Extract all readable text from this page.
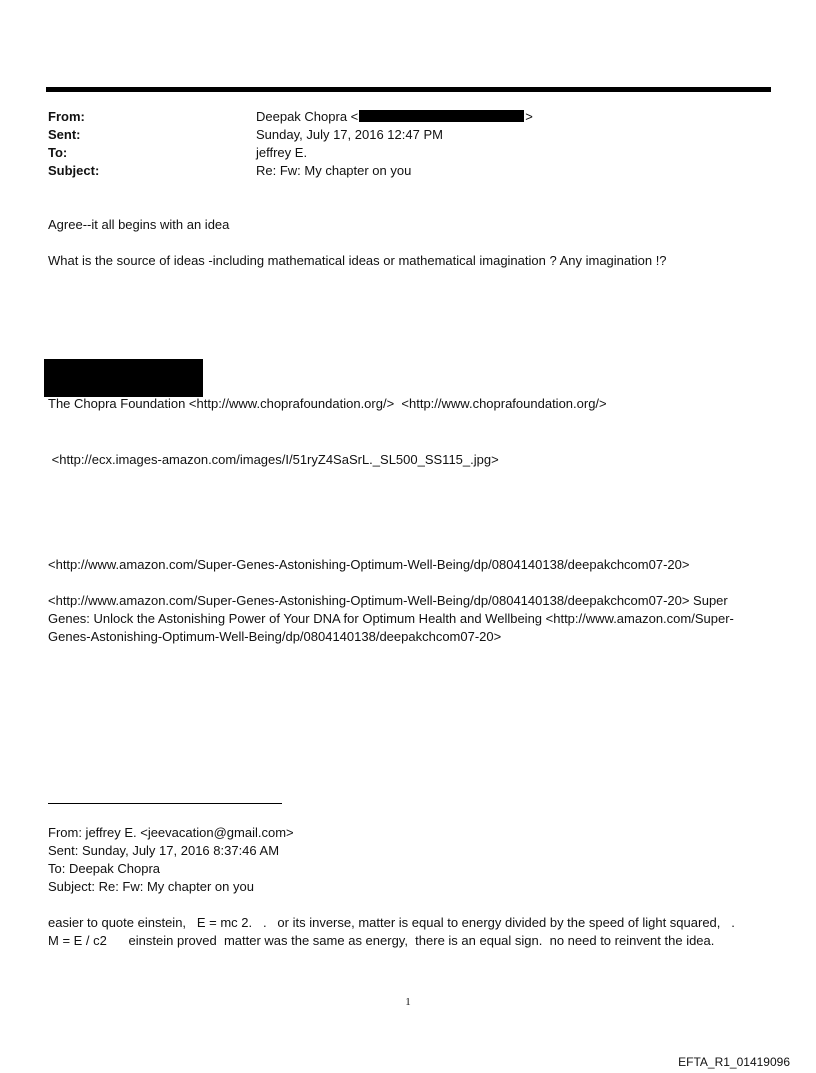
From:	Deepak Chopra <	>
Sent:	Sunday, July 17, 2016 12:47 PM
To:	jeffrey E.
Subject:	Re: Fw: My chapter on you
Agree--it all begins with an idea
What is the source of ideas -including mathematical ideas or mathematical imagination ? Any imagination !?
The Chopra Foundation <http://www.choprafoundation.org/>  <http://www.choprafoundation.org/>
<http://ecx.images-amazon.com/images/I/51ryZ4SaSrL._SL500_SS115_.jpg>
<http://www.amazon.com/Super-Genes-Astonishing-Optimum-Well-Being/dp/0804140138/deepakchcom07-20>
<http://www.amazon.com/Super-Genes-Astonishing-Optimum-Well-Being/dp/0804140138/deepakchcom07-20> Super Genes: Unlock the Astonishing Power of Your DNA for Optimum Health and Wellbeing <http://www.amazon.com/Super-Genes-Astonishing-Optimum-Well-Being/dp/0804140138/deepakchcom07-20>
From: jeffrey E. <jeevacation@gmail.com>
Sent: Sunday, July 17, 2016 8:37:46 AM
To: Deepak Chopra
Subject: Re: Fw: My chapter on you
easier to quote einstein,   E = mc 2.   .   or its inverse, matter is equal to energy divided by the speed of light squared,   .
M = E / c2      einstein proved  matter was the same as energy,  there is an equal sign.  no need to reinvent the idea.
1
EFTA_R1_01419096
